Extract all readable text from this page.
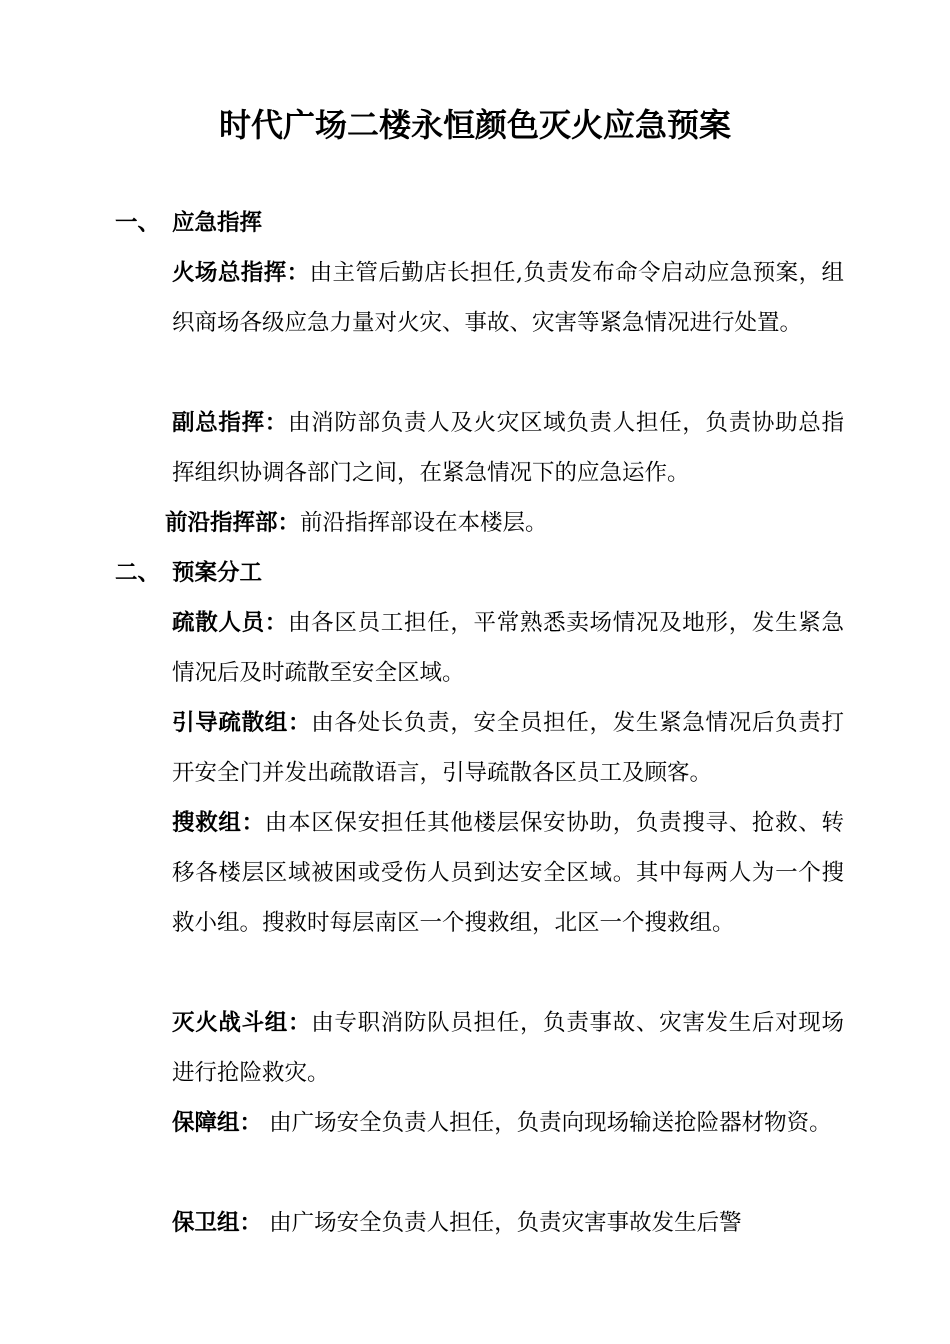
时代广场二楼永恒颜色灭火应急预案
一、 应急指挥
火场总指挥：由主管后勤店长担任,负责发布命令启动应急预案，组织商场各级应急力量对火灾、事故、灾害等紧急情况进行处置。
副总指挥：由消防部负责人及火灾区域负责人担任，负责协助总指挥组织协调各部门之间，在紧急情况下的应急运作。
前沿指挥部：前沿指挥部设在本楼层。
二、 预案分工
疏散人员：由各区员工担任，平常熟悉卖场情况及地形，发生紧急情况后及时疏散至安全区域。
引导疏散组：由各处长负责，安全员担任，发生紧急情况后负责打开安全门并发出疏散语言，引导疏散各区员工及顾客。
搜救组：由本区保安担任其他楼层保安协助，负责搜寻、抢救、转移各楼层区域被困或受伤人员到达安全区域。其中每两人为一个搜救小组。搜救时每层南区一个搜救组，北区一个搜救组。
灭火战斗组：由专职消防队员担任，负责事故、灾害发生后对现场进行抢险救灾。
保障组： 由广场安全负责人担任，负责向现场输送抢险器材物资。
保卫组： 由广场安全负责人担任，负责灾害事故发生后警
